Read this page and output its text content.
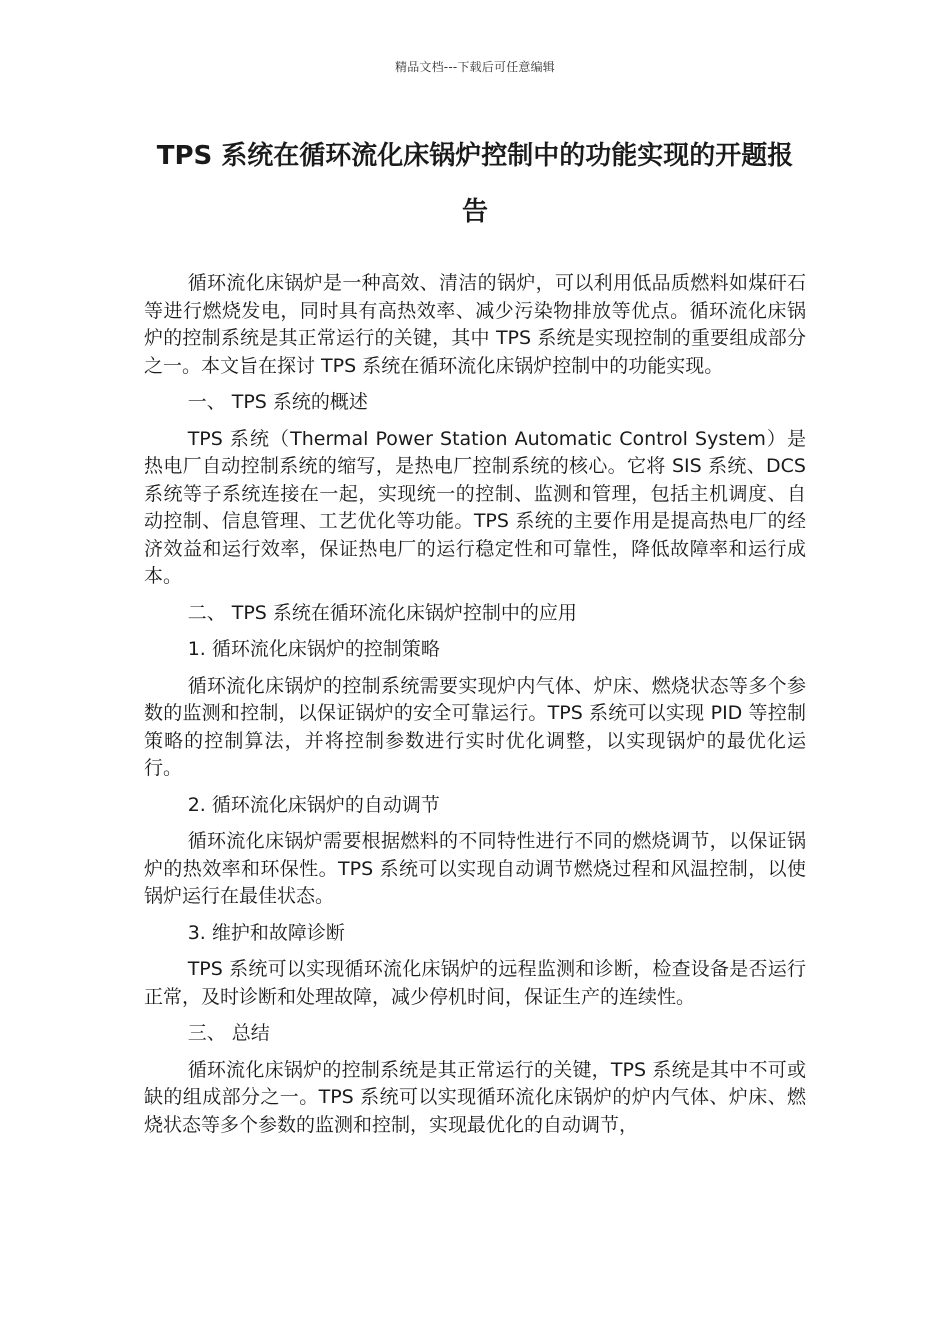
精品文档---下载后可任意编辑
TPS 系统在循环流化床锅炉控制中的功能实现的开题报告

循环流化床锅炉是一种高效、清洁的锅炉，可以利用低品质燃料如煤矸石等进行燃烧发电，同时具有高热效率、减少污染物排放等优点。循环流化床锅炉的控制系统是其正常运行的关键，其中 TPS 系统是实现控制的重要组成部分之一。本文旨在探讨 TPS 系统在循环流化床锅炉控制中的功能实现。

一、 TPS 系统的概述

TPS 系统（Thermal Power Station Automatic Control System）是热电厂自动控制系统的缩写，是热电厂控制系统的核心。它将 SIS 系统、DCS 系统等子系统连接在一起，实现统一的控制、监测和管理，包括主机调度、自动控制、信息管理、工艺优化等功能。TPS 系统的主要作用是提高热电厂的经济效益和运行效率，保证热电厂的运行稳定性和可靠性，降低故障率和运行成本。

二、 TPS 系统在循环流化床锅炉控制中的应用

1. 循环流化床锅炉的控制策略

循环流化床锅炉的控制系统需要实现炉内气体、炉床、燃烧状态等多个参数的监测和控制，以保证锅炉的安全可靠运行。TPS 系统可以实现 PID 等控制策略的控制算法，并将控制参数进行实时优化调整，以实现锅炉的最优化运行。

2. 循环流化床锅炉的自动调节

循环流化床锅炉需要根据燃料的不同特性进行不同的燃烧调节，以保证锅炉的热效率和环保性。TPS 系统可以实现自动调节燃烧过程和风温控制，以使锅炉运行在最佳状态。

3. 维护和故障诊断

TPS 系统可以实现循环流化床锅炉的远程监测和诊断，检查设备是否运行正常，及时诊断和处理故障，减少停机时间，保证生产的连续性。

三、 总结

循环流化床锅炉的控制系统是其正常运行的关键，TPS 系统是其中不可或缺的组成部分之一。TPS 系统可以实现循环流化床锅炉的炉内气体、炉床、燃烧状态等多个参数的监测和控制，实现最优化的自动调节，
